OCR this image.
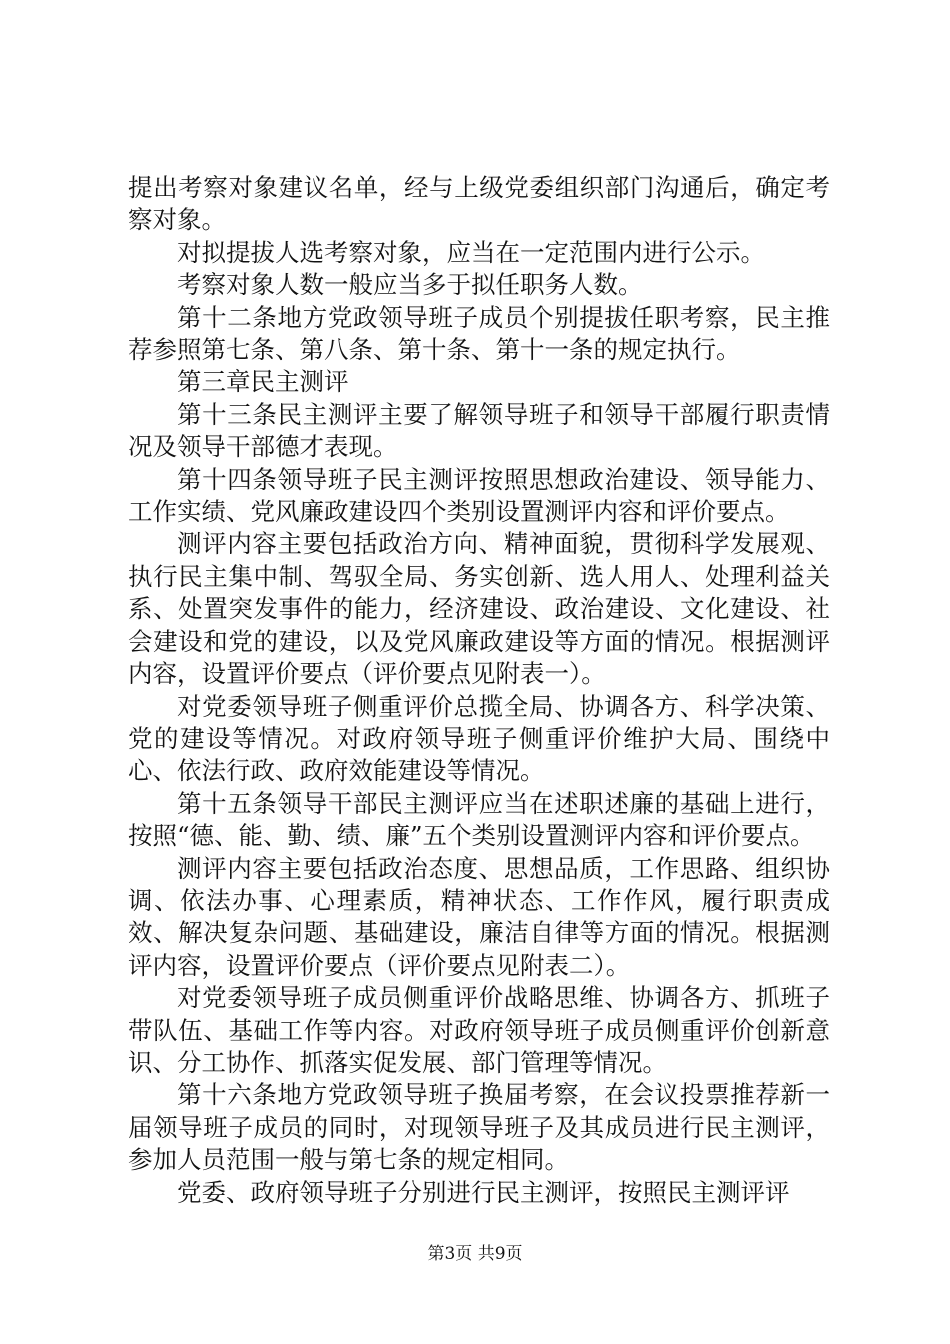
提出考察对象建议名单，经与上级党委组织部门沟通后，确定考察对象。

对拟提拔人选考察对象，应当在一定范围内进行公示。

考察对象人数一般应当多于拟任职务人数。

第十二条地方党政领导班子成员个别提拔任职考察，民主推荐参照第七条、第八条、第十条、第十一条的规定执行。

第三章民主测评

第十三条民主测评主要了解领导班子和领导干部履行职责情况及领导干部德才表现。

第十四条领导班子民主测评按照思想政治建设、领导能力、工作实绩、党风廉政建设四个类别设置测评内容和评价要点。

测评内容主要包括政治方向、精神面貌，贯彻科学发展观、执行民主集中制、驾驭全局、务实创新、选人用人、处理利益关系、处置突发事件的能力，经济建设、政治建设、文化建设、社会建设和党的建设，以及党风廉政建设等方面的情况。根据测评内容，设置评价要点（评价要点见附表一）。

对党委领导班子侧重评价总揽全局、协调各方、科学决策、党的建设等情况。对政府领导班子侧重评价维护大局、围绕中心、依法行政、政府效能建设等情况。

第十五条领导干部民主测评应当在述职述廉的基础上进行，按照“德、能、勤、绩、廉”五个类别设置测评内容和评价要点。

测评内容主要包括政治态度、思想品质，工作思路、组织协调、依法办事、心理素质，精神状态、工作作风，履行职责成效、解决复杂问题、基础建设，廉洁自律等方面的情况。根据测评内容，设置评价要点（评价要点见附表二）。

对党委领导班子成员侧重评价战略思维、协调各方、抓班子带队伍、基础工作等内容。对政府领导班子成员侧重评价创新意识、分工协作、抓落实促发展、部门管理等情况。

第十六条地方党政领导班子换届考察，在会议投票推荐新一届领导班子成员的同时，对现领导班子及其成员进行民主测评，参加人员范围一般与第七条的规定相同。

党委、政府领导班子分别进行民主测评，按照民主测评评

第3页 共9页
